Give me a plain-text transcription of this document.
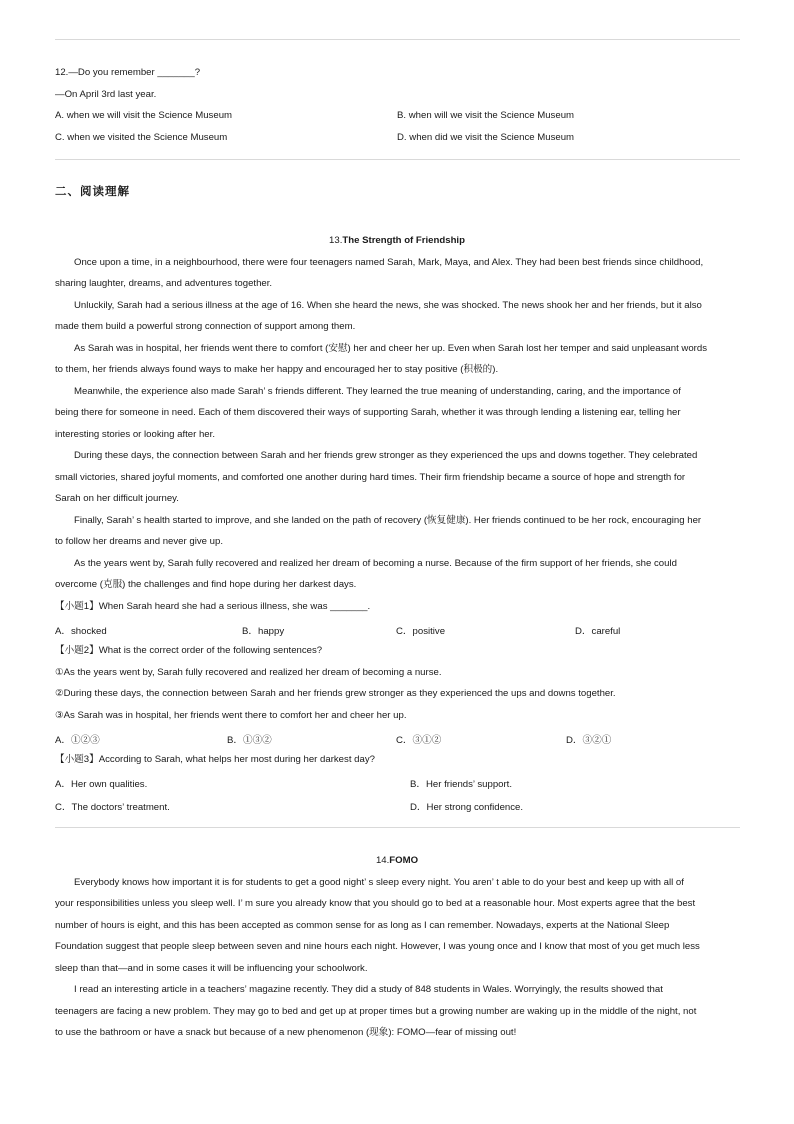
12.—Do you remember _______?
—On April 3rd last year.
A. when we will visit the Science Museum	B. when will we visit the Science Museum
C. when we visited the Science Museum	D. when did we visit the Science Museum
二、阅读理解
13.The Strength of Friendship
Once upon a time, in a neighbourhood, there were four teenagers named Sarah, Mark, Maya, and Alex. They had been best friends since childhood,
sharing laughter, dreams, and adventures together.
Unluckily, Sarah had a serious illness at the age of 16. When she heard the news, she was shocked. The news shook her and her friends, but it also
made them build a powerful strong connection of support among them.
As Sarah was in hospital, her friends went there to comfort (安慰) her and cheer her up. Even when Sarah lost her temper and said unpleasant words
to them, her friends always found ways to make her happy and encouraged her to stay positive (积极的).
Meanwhile, the experience also made Sarah’ s friends different. They learned the true meaning of understanding, caring, and the importance of
being there for someone in need. Each of them discovered their ways of supporting Sarah, whether it was through lending a listening ear, telling her
interesting stories or looking after her.
During these days, the connection between Sarah and her friends grew stronger as they experienced the ups and downs together. They celebrated
small victories, shared joyful moments, and comforted one another during hard times. Their firm friendship became a source of hope and strength for
Sarah on her difficult journey.
Finally, Sarah’ s health started to improve, and she landed on the path of recovery (恢复健康). Her friends continued to be her rock, encouraging her
to follow her dreams and never give up.
As the years went by, Sarah fully recovered and realized her dream of becoming a nurse. Because of the firm support of her friends, she could
overcome (克服) the challenges and find hope during her darkest days.
【小题1】When Sarah heard she had a serious illness, she was _______.
A．shocked	B．happy	C．positive	D．careful
【小题2】What is the correct order of the following sentences?
①As the years went by, Sarah fully recovered and realized her dream of becoming a nurse.
②During these days, the connection between Sarah and her friends grew stronger as they experienced the ups and downs together.
③As Sarah was in hospital, her friends went there to comfort her and cheer her up.
A．①②③	B．①③②	C．③①②	D．③②①
【小题3】According to Sarah, what helps her most during her darkest day?
A．Her own qualities.	B．Her friends’ support.
C．The doctors’ treatment.	D．Her strong confidence.
14.FOMO
Everybody knows how important it is for students to get a good night’ s sleep every night. You aren’ t able to do your best and keep up with all of
your responsibilities unless you sleep well. I’ m sure you already know that you should go to bed at a reasonable hour. Most experts agree that the best
number of hours is eight, and this has been accepted as common sense for as long as I can remember. Nowadays, experts at the National Sleep
Foundation suggest that people sleep between seven and nine hours each night. However, I was young once and I know that most of you get much less
sleep than that—and in some cases it will be influencing your schoolwork.
I read an interesting article in a teachers’ magazine recently. They did a study of 848 students in Wales. Worryingly, the results showed that
teenagers are facing a new problem. They may go to bed and get up at proper times but a growing number are waking up in the middle of the night, not
to use the bathroom or have a snack but because of a new phenomenon (现象): FOMO—fear of missing out!
